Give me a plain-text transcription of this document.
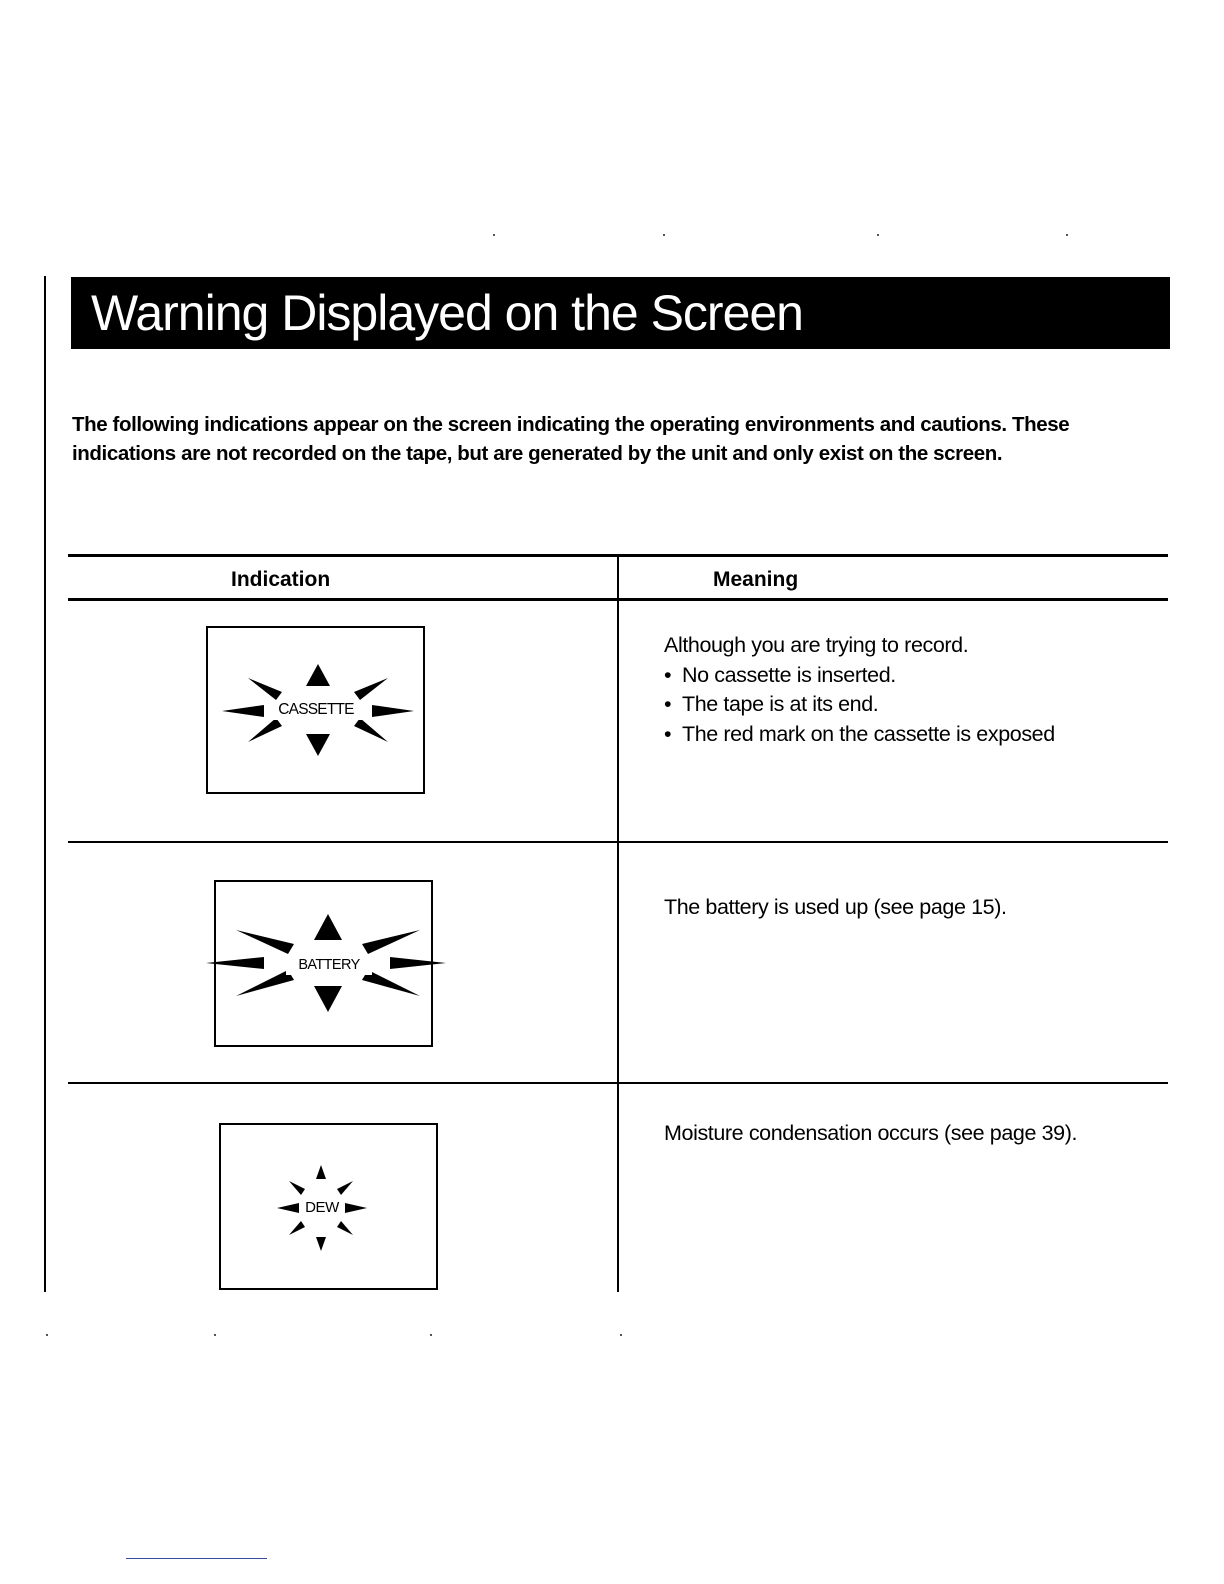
Warning Displayed on the Screen

The following indications appear on the screen indicating the operating environments and cautions. These indications are not recorded on the tape, but are generated by the unit and only exist on the screen.

Indication	Meaning
CASSETTE

Although you are trying to record.

• No cassette is inserted.
• The tape is at its end.
• The red mark on the cassette is exposed
BATTERY

The battery is used up (see page 15).

DEW

Moisture condensation occurs (see page 39).
